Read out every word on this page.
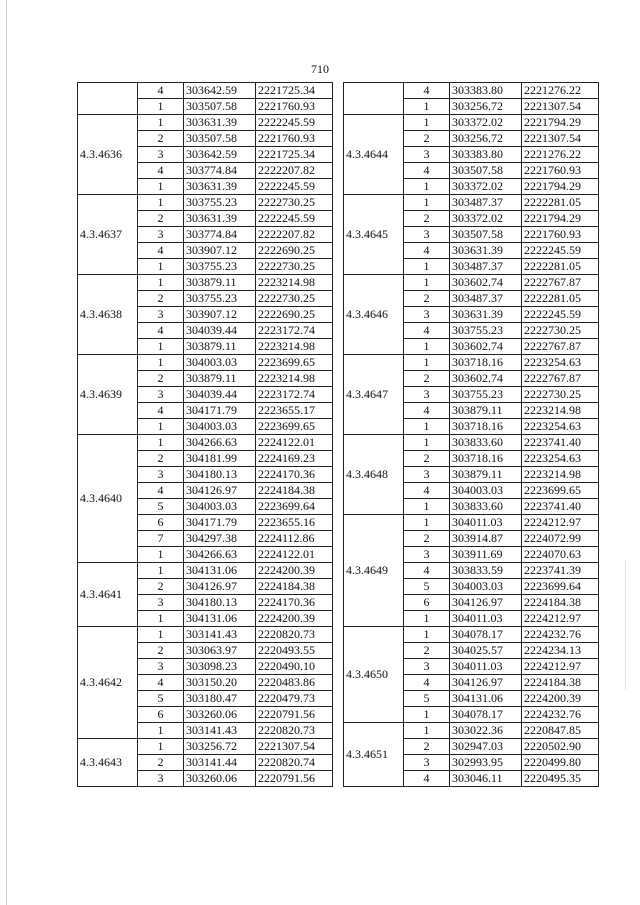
710
	4	303642.59	2221725.34
	1	303507.58	2221760.93
4.3.4636	1	303631.39	2222245.59
	2	303507.58	2221760.93
	3	303642.59	2221725.34
	4	303774.84	2222207.82
	1	303631.39	2222245.59
4.3.4637	1	303755.23	2222730.25
	2	303631.39	2222245.59
	3	303774.84	2222207.82
	4	303907.12	2222690.25
	1	303755.23	2222730.25
4.3.4638	1	303879.11	2223214.98
	2	303755.23	2222730.25
	3	303907.12	2222690.25
	4	304039.44	2223172.74
	1	303879.11	2223214.98
4.3.4639	1	304003.03	2223699.65
	2	303879.11	2223214.98
	3	304039.44	2223172.74
	4	304171.79	2223655.17
	1	304003.03	2223699.65
4.3.4640	1	304266.63	2224122.01
	2	304181.99	2224169.23
	3	304180.13	2224170.36
	4	304126.97	2224184.38
	5	304003.03	2223699.64
	6	304171.79	2223655.16
	7	304297.38	2224112.86
	1	304266.63	2224122.01
4.3.4641	1	304131.06	2224200.39
	2	304126.97	2224184.38
	3	304180.13	2224170.36
	1	304131.06	2224200.39
4.3.4642	1	303141.43	2220820.73
	2	303063.97	2220493.55
	3	303098.23	2220490.10
	4	303150.20	2220483.86
	5	303180.47	2220479.73
	6	303260.06	2220791.56
	1	303141.43	2220820.73
4.3.4643	1	303256.72	2221307.54
	2	303141.44	2220820.74
	3	303260.06	2220791.56
	4	303383.80	2221276.22
	1	303256.72	2221307.54
4.3.4644	1	303372.02	2221794.29
	2	303256.72	2221307.54
	3	303383.80	2221276.22
	4	303507.58	2221760.93
	1	303372.02	2221794.29
4.3.4645	1	303487.37	2222281.05
	2	303372.02	2221794.29
	3	303507.58	2221760.93
	4	303631.39	2222245.59
	1	303487.37	2222281.05
4.3.4646	1	303602.74	2222767.87
	2	303487.37	2222281.05
	3	303631.39	2222245.59
	4	303755.23	2222730.25
	1	303602.74	2222767.87
4.3.4647	1	303718.16	2223254.63
	2	303602.74	2222767.87
	3	303755.23	2222730.25
	4	303879.11	2223214.98
	1	303718.16	2223254.63
4.3.4648	1	303833.60	2223741.40
	2	303718.16	2223254.63
	3	303879.11	2223214.98
	4	304003.03	2223699.65
	1	303833.60	2223741.40
4.3.4649	1	304011.03	2224212.97
	2	303914.87	2224072.99
	3	303911.69	2224070.63
	4	303833.59	2223741.39
	5	304003.03	2223699.64
	6	304126.97	2224184.38
	1	304011.03	2224212.97
4.3.4650	1	304078.17	2224232.76
	2	304025.57	2224234.13
	3	304011.03	2224212.97
	4	304126.97	2224184.38
	5	304131.06	2224200.39
	1	304078.17	2224232.76
4.3.4651	1	303022.36	2220847.85
	2	302947.03	2220502.90
	3	302993.95	2220499.80
	4	303046.11	2220495.35
